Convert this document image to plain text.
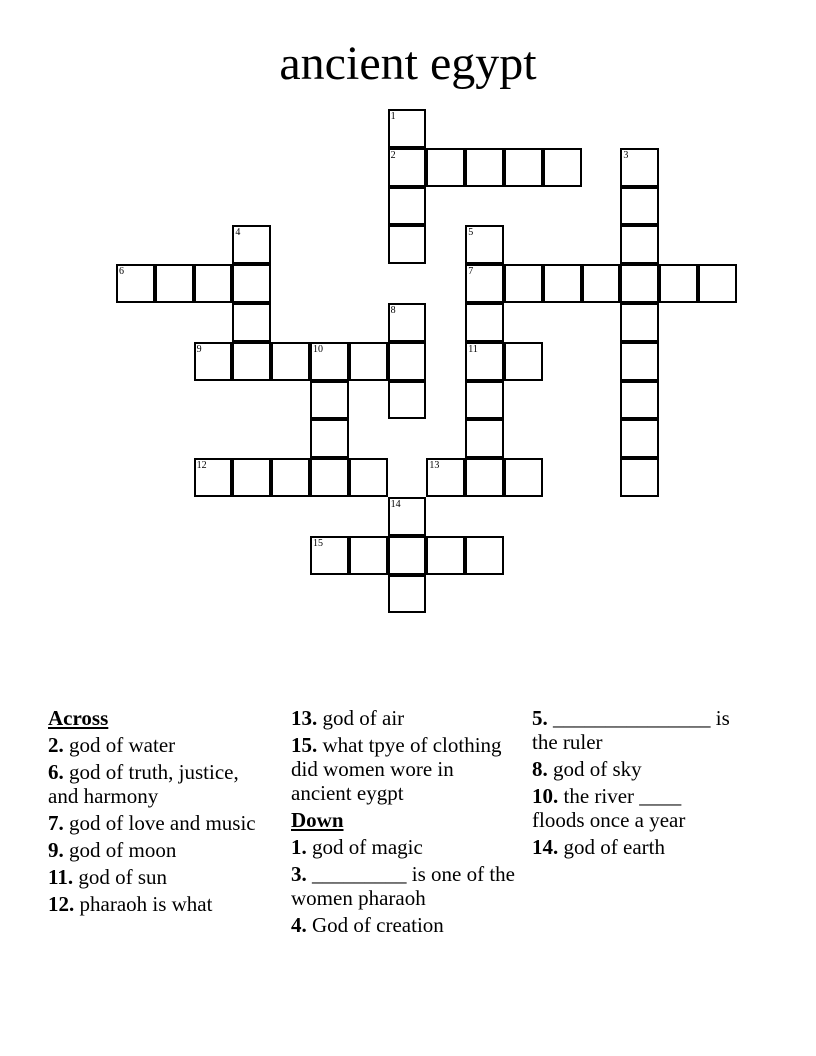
ancient egypt
1
2	3
4	5
7
11
6
8
9	10
12	13
14
15
Across
2. god of water
6. god of truth, justice, and harmony
7. god of love and music
9. god of moon
11. god of sun
12. pharaoh is what
13. god of air
15. what tpye of clothing did women wore in ancient eygpt
Down
1. god of magic
3. _________ is one of the women pharaoh
4. God of creation
5. _______________ is the ruler
8. god of sky
10. the river ____ floods once a year
14. god of earth
